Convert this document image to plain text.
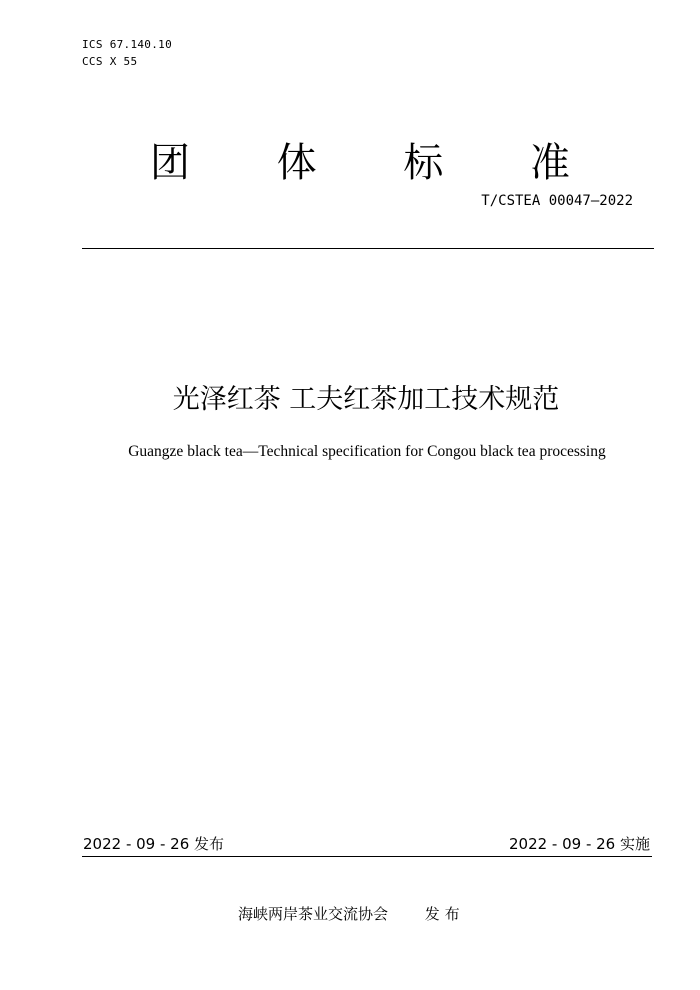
ICS 67.140.10
CCS X 55
团 体 标 准
T/CSTEA 00047—2022
光泽红茶 工夫红茶加工技术规范
Guangze black tea—Technical specification for Congou black tea processing
2022 - 09 - 26 发布	2022 - 09 - 26 实施
海峡两岸茶业交流协会 发 布
